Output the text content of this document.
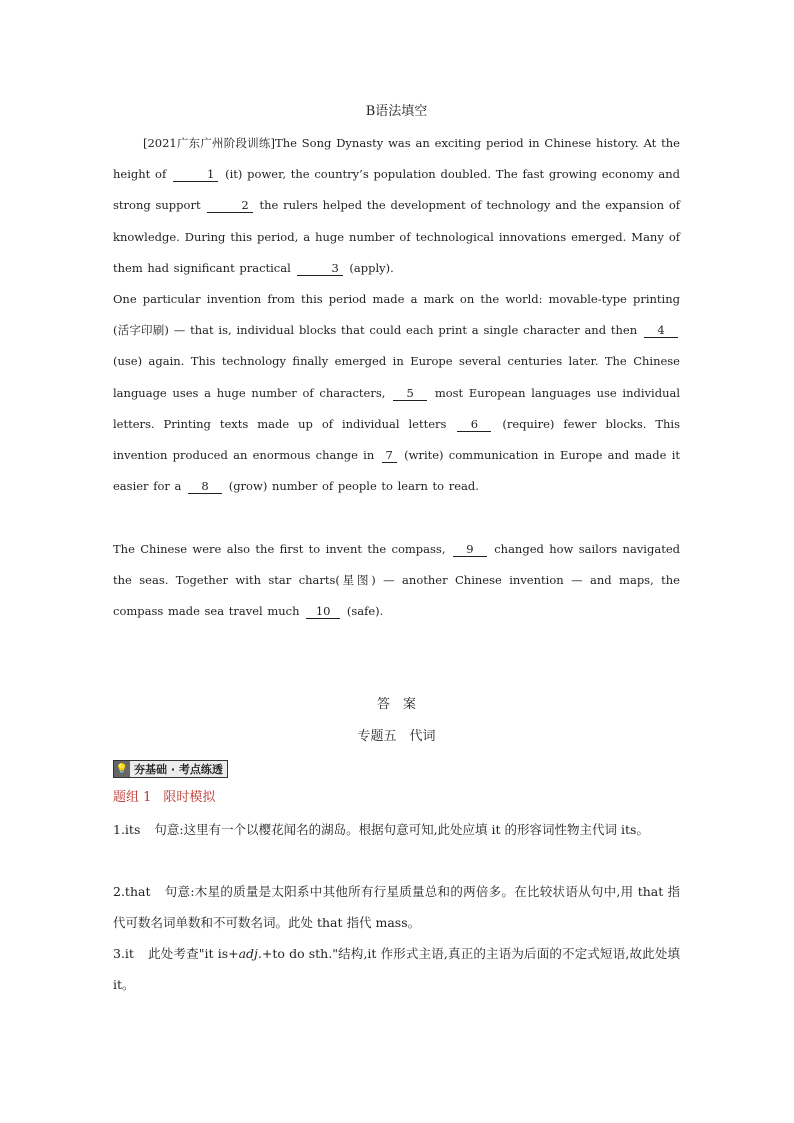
B语法填空
[2021广东广州阶段训练]The Song Dynasty was an exciting period in Chinese history. At the height of	1 (it) power, the country’s population doubled. The fast growing economy and strong support	2 the rulers helped the development of technology and the expansion of knowledge. During this period, a huge number of technological innovations emerged. Many of them had significant practical	3 (apply).
One particular invention from this period made a mark on the world: movable-type printing (活字印刷) — that is, individual blocks that could each print a single character and then 4 (use) again. This technology finally emerged in Europe several centuries later. The Chinese language uses a huge number of characters, 5 most European languages use individual letters. Printing texts made up of individual letters 6 (require) fewer blocks. This invention produced an enormous change in 7 (write) communication in Europe and made it easier for a 8 (grow) number of people to learn to read.
The Chinese were also the first to invent the compass, 9 changed how sailors navigated the seas. Together with star charts(星图) — another Chinese invention — and maps, the compass made sea travel much 10 (safe).
答　案
专题五　代词
💡 夯基础 · 考点练透
题组 1 限时模拟
1.its 句意:这里有一个以樱花闻名的湖岛。根据句意可知,此处应填 it 的形容词性物主代词 its。
2.that 句意:木星的质量是太阳系中其他所有行星质量总和的两倍多。在比较状语从句中,用 that 指代可数名词单数和不可数名词。此处 that 指代 mass。
3.it 此处考查"it is+adj.+to do sth."结构,it 作形式主语,真正的主语为后面的不定式短语,故此处填 it。
